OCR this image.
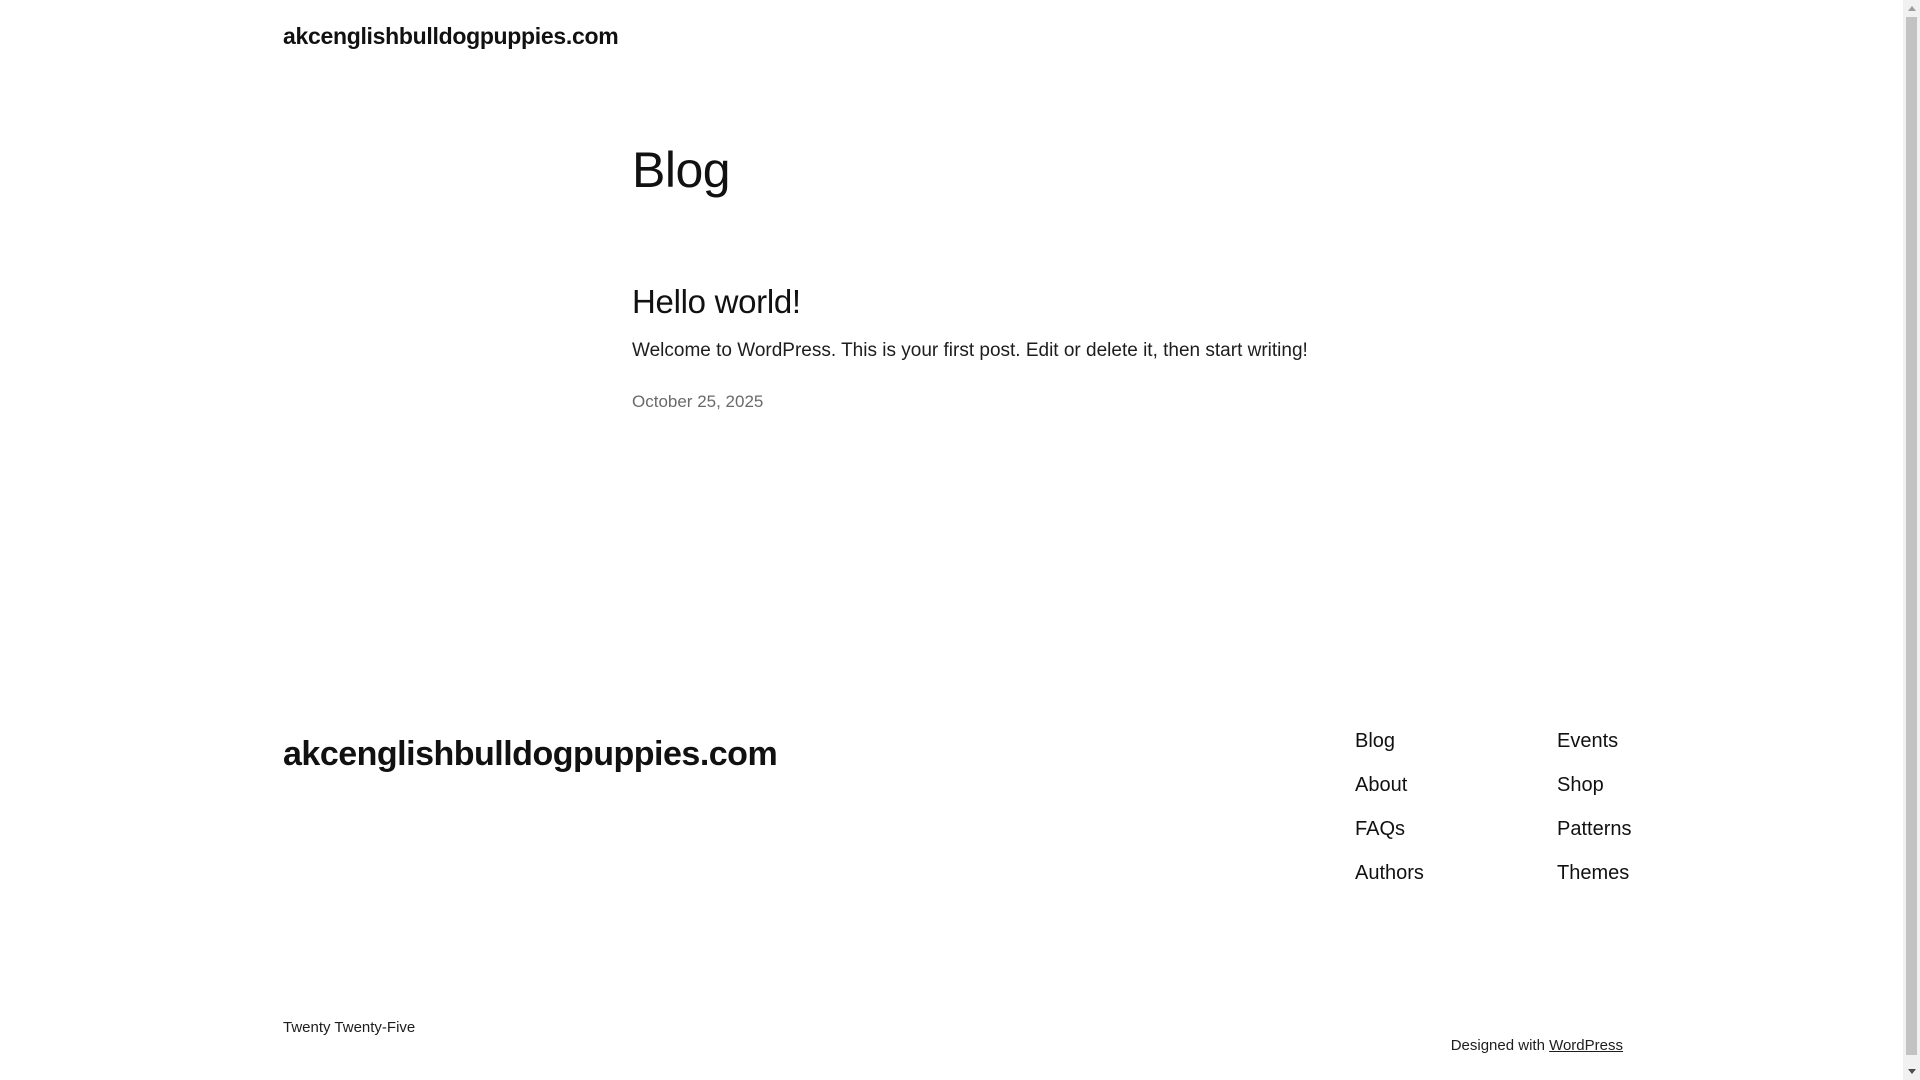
akcenglishbulldogpuppies.com
Blog
Hello world!

Welcome to WordPress. This is your first post. Edit or delete it, then start writing!

October 25, 2025
akcenglishbulldogpuppies.com	Blog
About
FAQs
Authors
Events
Shop
Patterns
Themes
Twenty Twenty-Five

Designed with WordPress
